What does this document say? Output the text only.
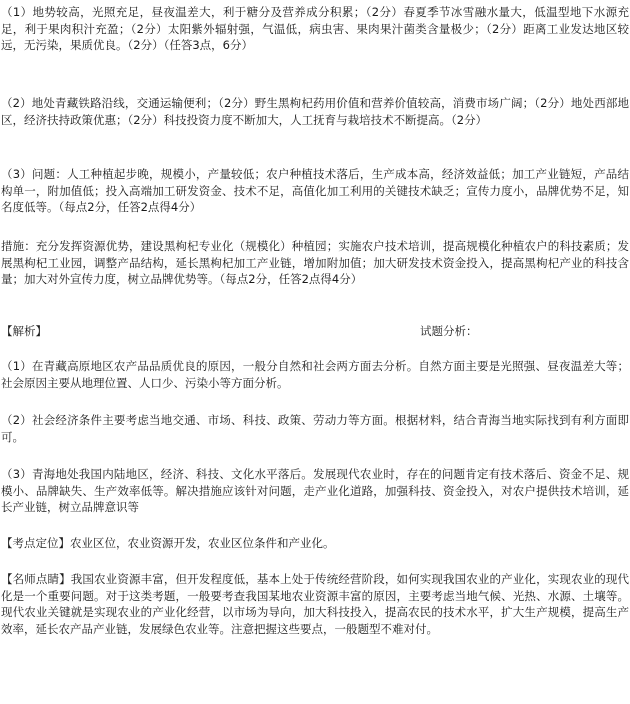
（1）地势较高，光照充足，昼夜温差大，利于糖分及营养成分积累；（2分）春夏季节冰雪融水量大，低温型地下水源充足，利于果肉积汁充盈；（2分）太阳紫外辐射强，气温低，病虫害、果肉果汁菌类含量极少；（2分）距离工业发达地区较远，无污染，果质优良。（2分）（任答3点，6分）

（2）地处青藏铁路沿线，交通运输便利；（2分）野生黑枸杞药用价值和营养价值较高，消费市场广阔；（2分）地处西部地区，经济扶持政策优惠；（2分）科技投资力度不断加大，人工抚育与栽培技术不断提高。（2分）

（3）问题：人工种植起步晚，规模小，产量较低；农户种植技术落后，生产成本高，经济效益低；加工产业链短，产品结构单一，附加值低；投入高端加工研发资金、技术不足，高值化加工利用的关键技术缺乏；宣传力度小，品牌优势不足，知名度低等。（每点2分，任答2点得4分）

措施：充分发挥资源优势，建设黑枸杞专业化（规模化）种植园；实施农户技术培训，提高规模化种植农户的科技素质；发展黑枸杞工业园，调整产品结构，延长黑枸杞加工产业链，增加附加值；加大研发技术资金投入，提高黑枸杞产业的科技含量；加大对外宣传力度，树立品牌优势等。（每点2分，任答2点得4分）

【解析】	试题分析：

（1）在青藏高原地区农产品品质优良的原因，一般分自然和社会两方面去分析。自然方面主要是光照强、昼夜温差大等；社会原因主要从地理位置、人口少、污染小等方面分析。

（2）社会经济条件主要考虑当地交通、市场、科技、政策、劳动力等方面。根据材料，结合青海当地实际找到有利方面即可。

（3）青海地处我国内陆地区，经济、科技、文化水平落后。发展现代农业时，存在的问题肯定有技术落后、资金不足、规模小、品牌缺失、生产效率低等。解决措施应该针对问题，走产业化道路，加强科技、资金投入，对农户提供技术培训，延长产业链，树立品牌意识等

【考点定位】农业区位，农业资源开发，农业区位条件和产业化。

【名师点睛】我国农业资源丰富，但开发程度低，基本上处于传统经营阶段，如何实现我国农业的产业化，实现农业的现代化是一个重要问题。对于这类考题，一般要考查我国某地农业资源丰富的原因，主要考虑当地气候、光热、水源、土壤等。现代农业关键就是实现农业的产业化经营，以市场为导向，加大科技投入，提高农民的技术水平，扩大生产规模，提高生产效率，延长农产品产业链，发展绿色农业等。注意把握这些要点，一般题型不难对付。
